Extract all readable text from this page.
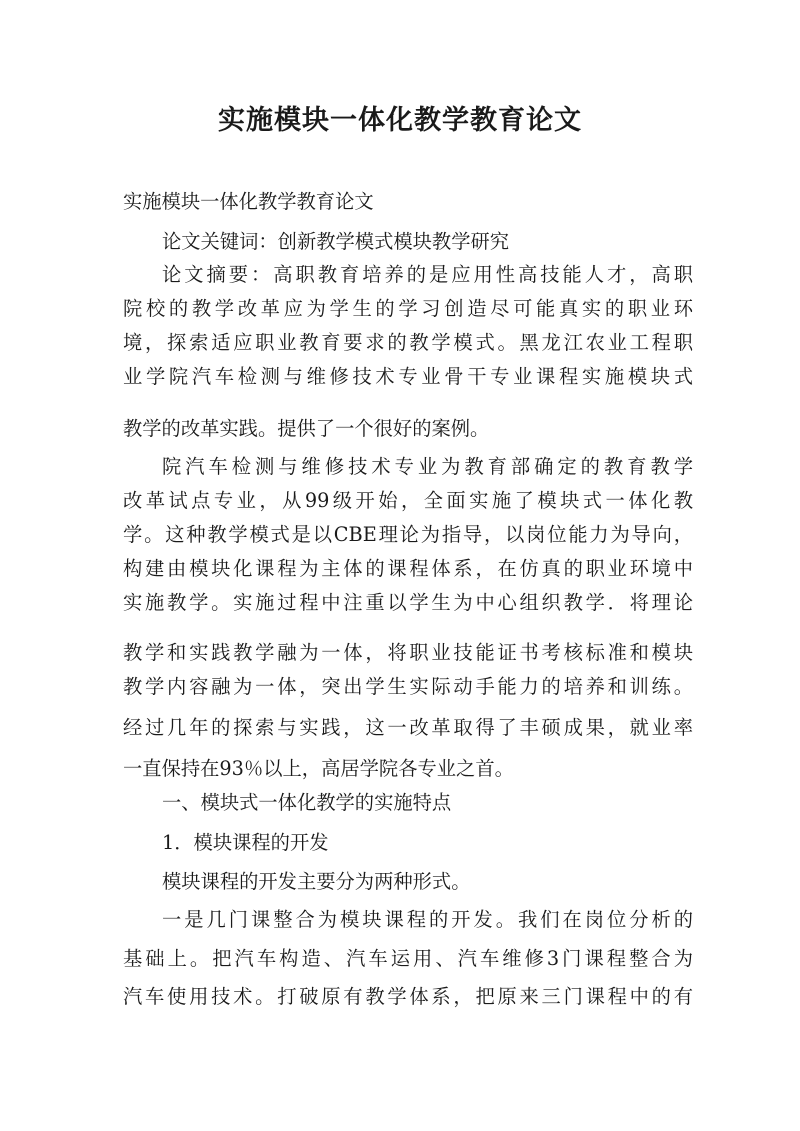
实施模块一体化教学教育论文
实施模块一体化教学教育论文
论文关键词：创新教学模式模块教学研究
论文摘要：高职教育培养的是应用性高技能人才，高职
院校的教学改革应为学生的学习创造尽可能真实的职业环
境，探索适应职业教育要求的教学模式。黑龙江农业工程职
业学院汽车检测与维修技术专业骨干专业课程实施模块式
教学的改革实践。提供了一个很好的案例。
院汽车检测与维修技术专业为教育部确定的教育教学
改革试点专业，从99级开始，全面实施了模块式一体化教
学。这种教学模式是以CBE理论为指导，以岗位能力为导向，
构建由模块化课程为主体的课程体系，在仿真的职业环境中
实施教学。实施过程中注重以学生为中心组织教学．将理论
教学和实践教学融为一体，将职业技能证书考核标准和模块
教学内容融为一体，突出学生实际动手能力的培养和训练。
经过几年的探索与实践，这一改革取得了丰硕成果，就业率
一直保持在93％以上，高居学院各专业之首。
一、模块式一体化教学的实施特点
1．模块课程的开发
模块课程的开发主要分为两种形式。
一是几门课整合为模块课程的开发。我们在岗位分析的
基础上。把汽车构造、汽车运用、汽车维修3门课程整合为
汽车使用技术。打破原有教学体系，把原来三门课程中的有
